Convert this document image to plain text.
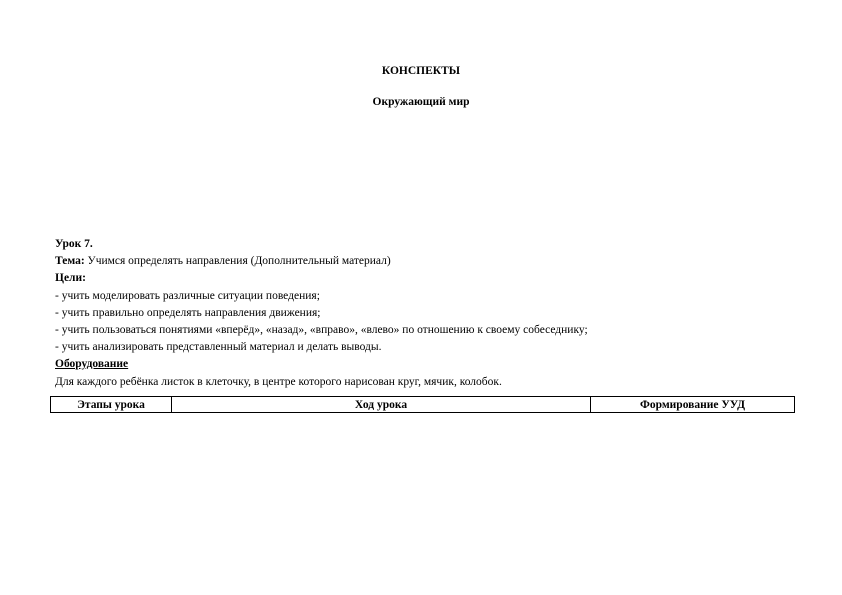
КОНСПЕКТЫ
Окружающий мир
Урок 7.
Тема: Учимся определять направления (Дополнительный материал)
Цели:
- учить моделировать различные ситуации поведения;
- учить правильно определять направления движения;
- учить пользоваться понятиями «вперёд», «назад», «вправо», «влево» по отношению к своему собеседнику;
- учить анализировать представленный материал и делать выводы.
Оборудование
Для каждого ребёнка листок в клеточку, в центре которого нарисован круг, мячик, колобок.
Этапы урока	Ход урока	Формирование УУД
